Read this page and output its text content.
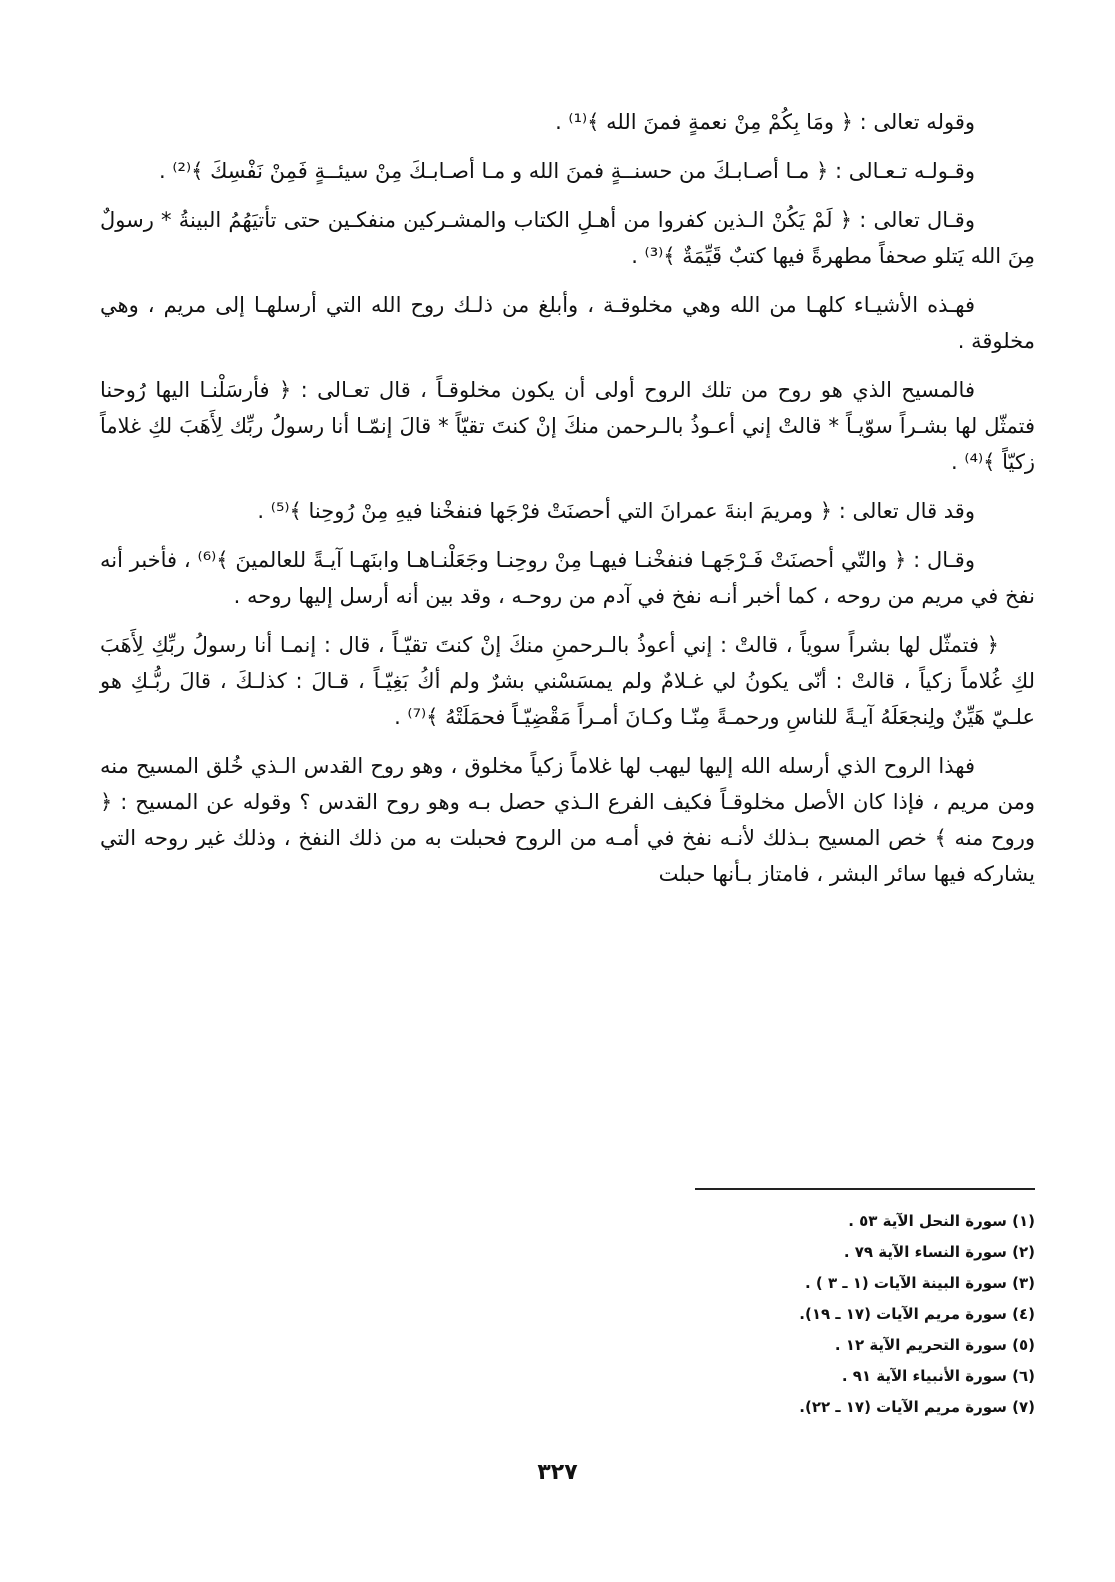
وقوله تعالى : ﴿ ومَا بِكُمْ مِنْ نعمةٍ فمنَ الله ﴾⁽¹⁾ .

وقـولـه تـعـالى : ﴿ مـا أصـابـكَ من حسنــةٍ فمنَ الله و مـا أصـابـكَ مِنْ سيئــةٍ فَمِنْ نَفْسِكَ ﴾⁽²⁾ .

وقـال تعالى : ﴿ لَمْ يَكُنْ الـذين كفروا من أهـلِ الكتاب والمشـركين منفكـين حتى تأتيَهُمُ البينةُ * رسولٌ مِنَ الله يَتلو صحفاً مطهرةً فيها كتبٌ قَيِّمَةٌ ﴾⁽³⁾ .

فهـذه الأشيـاء كلهـا من الله وهي مخلوقـة ، وأبلغ من ذلـك روح الله التي أرسلهـا إلى مريم ، وهي مخلوقة .

فالمسيح الذي هو روح من تلك الروح أولى أن يكون مخلوقـاً ، قال تعـالى : ﴿ فأرسَلْنـا اليها رُوحنا فتمثّل لها بشـراً سوّيـاً * قالتْ إني أعـوذُ بالـرحمن منكَ إنْ كنتَ تقيّاً * قالَ إنمّـا أنا رسولُ ربِّك لِأَهَبَ لكِ غلاماً زكيّاً ﴾⁽⁴⁾ .

وقد قال تعالى : ﴿ ومريمَ ابنةَ عمرانَ التي أحصنَتْ فرْجَها فنفخْنا فيهِ مِنْ رُوحِنا ﴾⁽⁵⁾ .

وقـال : ﴿ والتّي أحصنَتْ فَـرْجَهـا فنفخْنـا فيهـا مِنْ روحِنـا وجَعَلْنـاهـا وابنَهـا آيـةً للعالمينَ ﴾⁽⁶⁾ ، فأخبر أنه نفخ في مريم من روحه ، كما أخبر أنـه نفخ في آدم من روحـه ، وقد بين أنه أرسل إليها روحه .

﴿ فتمثّل لها بشراً سوياً ، قالتْ : إني أعوذُ بالـرحمنِ منكَ إنْ كنتَ تقيّـاً ، قال : إنمـا أنا رسولُ ربِّكِ لِأَهَبَ لكِ غُلاماً زكياً ، قالتْ : أنّى يكونُ لي غـلامٌ ولم يمسَسْني بشرٌ ولم أكُ بَغِيّـاً ، قـالَ : كذلـكَ ، قالَ ربُّـكِ هو علـيّ هَيِّنٌ ولِنجعَلَهُ آيـةً للناسِ ورحمـةً مِنّـا وكـانَ أمـراً مَقْضِيّـاً فحمَلَتْهُ ﴾⁽⁷⁾ .

فهذا الروح الذي أرسله الله إليها ليهب لها غلاماً زكياً مخلوق ، وهو روح القدس الـذي خُلق المسيح منه ومن مريم ، فإذا كان الأصل مخلوقـاً فكيف الفرع الـذي حصل بـه وهو روح القدس ؟ وقوله عن المسيح : ﴿ وروح منه ﴾ خص المسيح بـذلك لأنـه نفخ في أمـه من الروح فحبلت به من ذلك النفخ ، وذلك غير روحه التي يشاركه فيها سائر البشر ، فامتاز بـأنها حبلت

(١) سورة النحل الآية ٥٣ .

(٢) سورة النساء الآية ٧٩ .

(٣) سورة البينة الآيات (١ ـ ٣ ) .

(٤) سورة مريم الآيات (١٧ ـ ١٩).

(٥) سورة التحريم الآية ١٢ .

(٦) سورة الأنبياء الآية ٩١ .

(٧) سورة مريم الآيات (١٧ ـ ٢٢).

٣٢٧
